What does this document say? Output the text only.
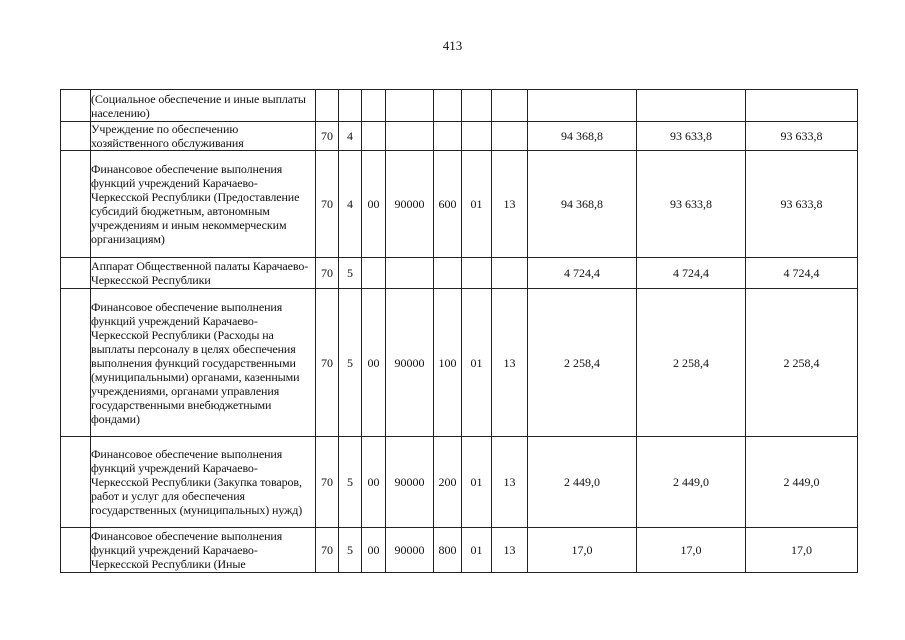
413
	(Социальное обеспечение и иные выплаты населению)										
	Учреждение по обеспечению хозяйственного обслуживания	70	4						94 368,8	93 633,8	93 633,8
	Финансовое обеспечение выполнения функций учреждений Карачаево-Черкесской Республики (Предоставление субсидий бюджетным, автономным учреждениям и иным некоммерческим организациям)	70	4	00	90000	600	01	13	94 368,8	93 633,8	93 633,8
	Аппарат Общественной палаты Карачаево-Черкесской Республики	70	5						4 724,4	4 724,4	4 724,4
	Финансовое обеспечение выполнения функций учреждений Карачаево-Черкесской Республики (Расходы на выплаты персоналу в целях обеспечения выполнения функций государственными (муниципальными) органами, казенными учреждениями, органами управления государственными внебюджетными фондами)	70	5	00	90000	100	01	13	2 258,4	2 258,4	2 258,4
	Финансовое обеспечение выполнения функций учреждений Карачаево-Черкесской Республики (Закупка товаров, работ и услуг для обеспечения государственных (муниципальных) нужд)	70	5	00	90000	200	01	13	2 449,0	2 449,0	2 449,0
	Финансовое обеспечение выполнения функций учреждений Карачаево-Черкесской Республики (Иные	70	5	00	90000	800	01	13	17,0	17,0	17,0
